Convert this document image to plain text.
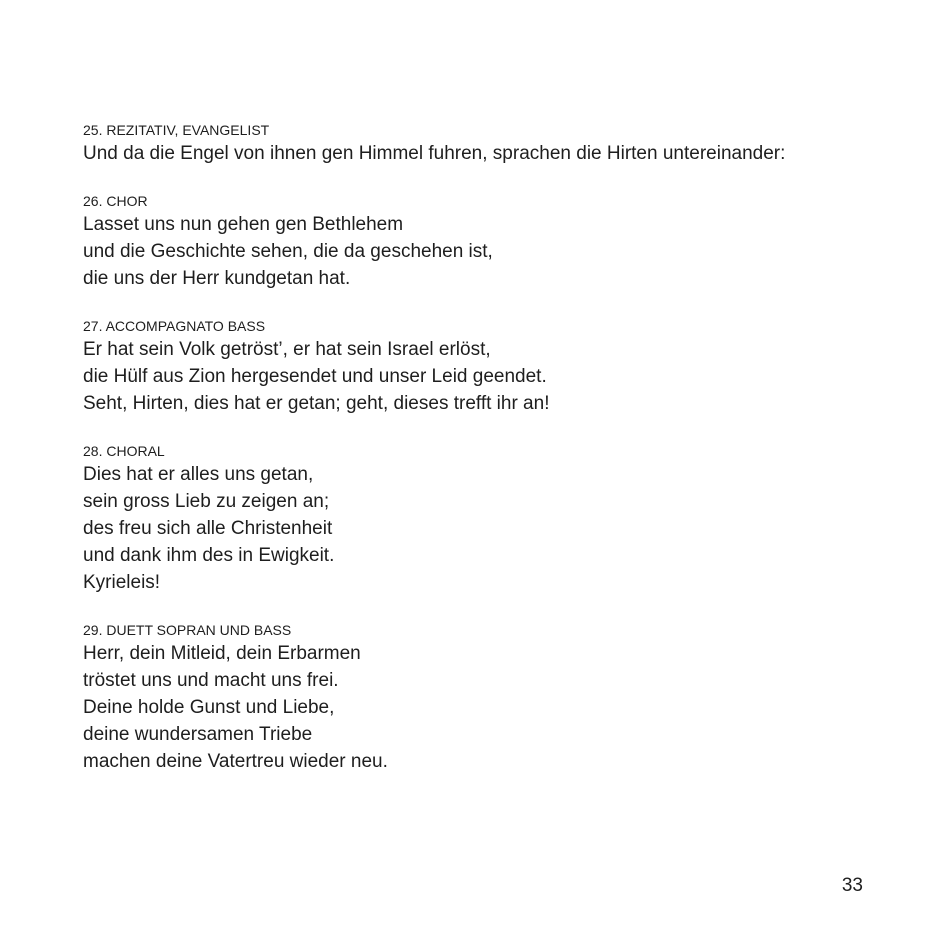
25. REZITATIV, EVANGELIST
Und da die Engel von ihnen gen Himmel fuhren, sprachen die Hirten untereinander:
26. CHOR
Lasset uns nun gehen gen Bethlehem
und die Geschichte sehen, die da geschehen ist,
die uns der Herr kundgetan hat.
27. ACCOMPAGNATO BASS
Er hat sein Volk getröst’, er hat sein Israel erlöst,
die Hülf aus Zion hergesendet und unser Leid geendet.
Seht, Hirten, dies hat er getan; geht, dieses trefft ihr an!
28. CHORAL
Dies hat er alles uns getan,
sein gross Lieb zu zeigen an;
des freu sich alle Christenheit
und dank ihm des in Ewigkeit.
Kyrieleis!
29. DUETT SOPRAN UND BASS
Herr, dein Mitleid, dein Erbarmen
tröstet uns und macht uns frei.
Deine holde Gunst und Liebe,
deine wundersamen Triebe
machen deine Vatertreu wieder neu.
33
